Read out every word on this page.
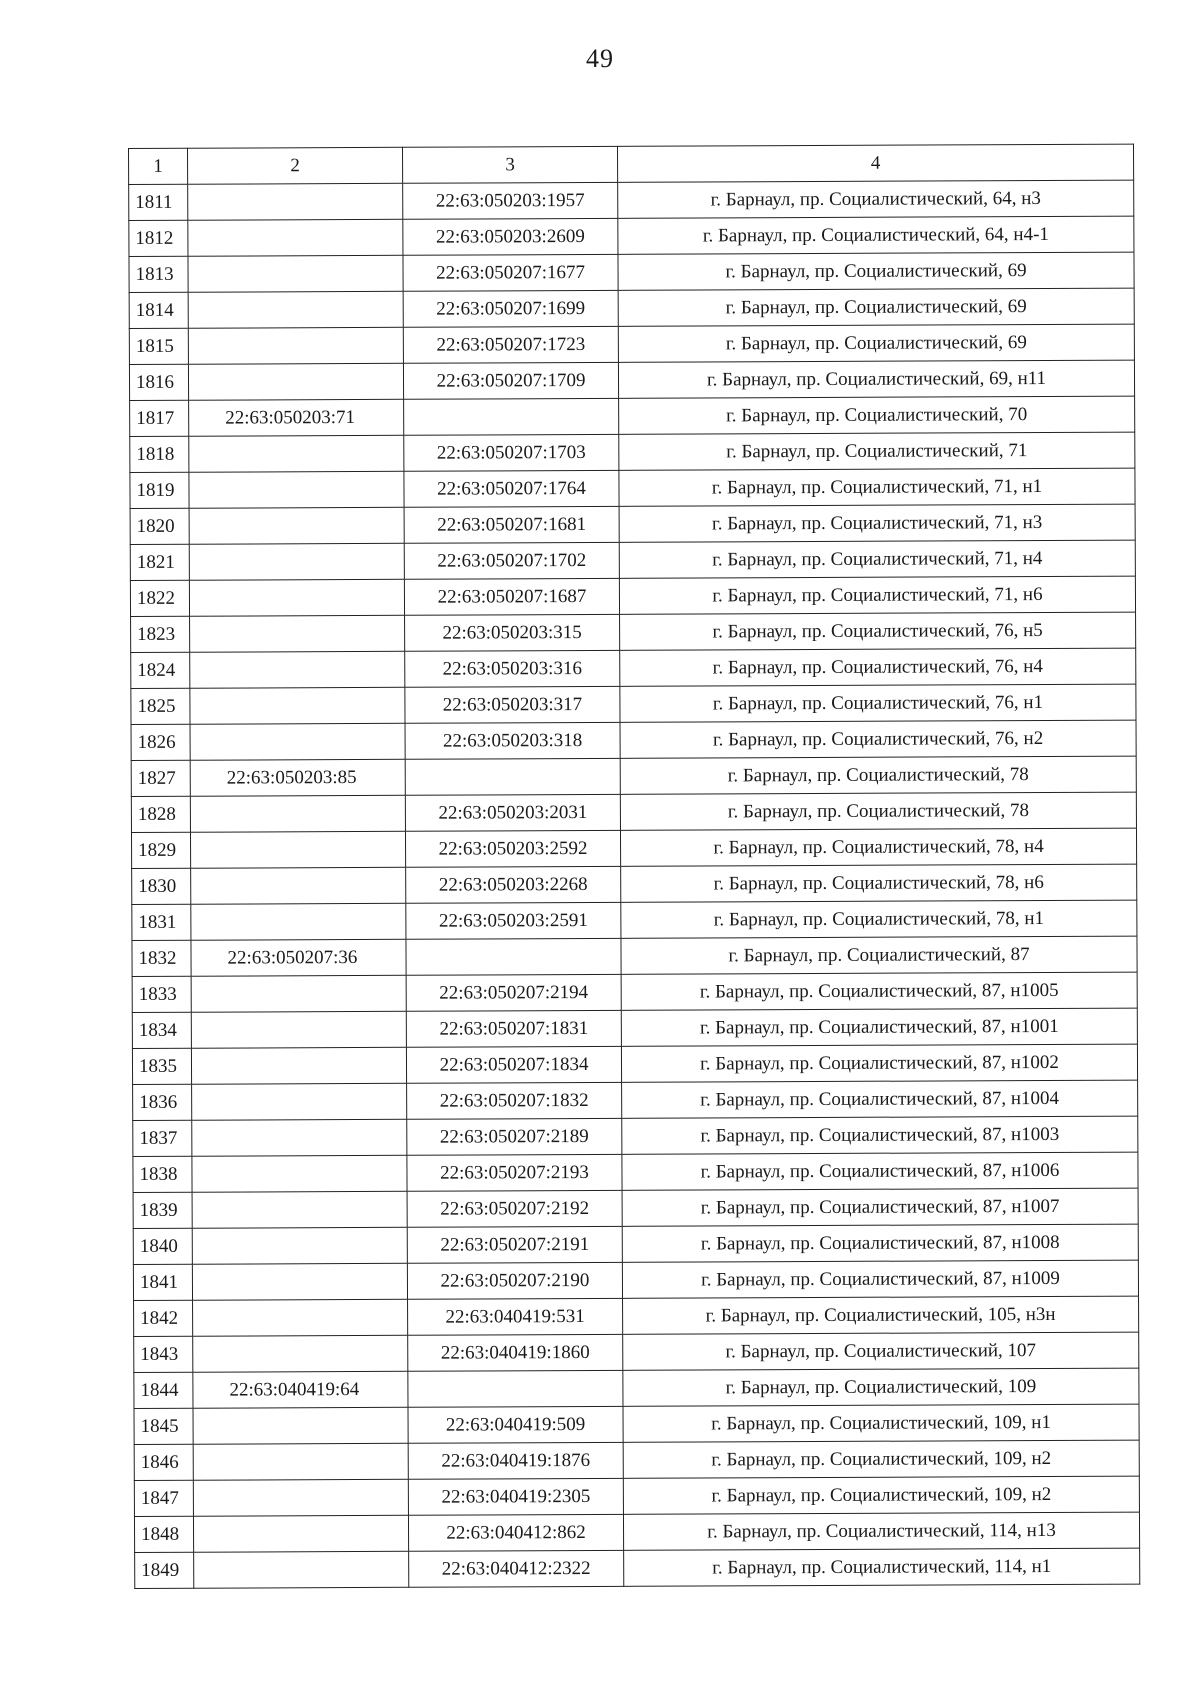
49
1	2	3	4
1811		22:63:050203:1957	г. Барнаул, пр. Социалистический, 64, н3
1812		22:63:050203:2609	г. Барнаул, пр. Социалистический, 64, н4-1
1813		22:63:050207:1677	г. Барнаул, пр. Социалистический, 69
1814		22:63:050207:1699	г. Барнаул, пр. Социалистический, 69
1815		22:63:050207:1723	г. Барнаул, пр. Социалистический, 69
1816		22:63:050207:1709	г. Барнаул, пр. Социалистический, 69, н11
1817	22:63:050203:71		г. Барнаул, пр. Социалистический, 70
1818		22:63:050207:1703	г. Барнаул, пр. Социалистический, 71
1819		22:63:050207:1764	г. Барнаул, пр. Социалистический, 71, н1
1820		22:63:050207:1681	г. Барнаул, пр. Социалистический, 71, н3
1821		22:63:050207:1702	г. Барнаул, пр. Социалистический, 71, н4
1822		22:63:050207:1687	г. Барнаул, пр. Социалистический, 71, н6
1823		22:63:050203:315	г. Барнаул, пр. Социалистический, 76, н5
1824		22:63:050203:316	г. Барнаул, пр. Социалистический, 76, н4
1825		22:63:050203:317	г. Барнаул, пр. Социалистический, 76, н1
1826		22:63:050203:318	г. Барнаул, пр. Социалистический, 76, н2
1827	22:63:050203:85		г. Барнаул, пр. Социалистический, 78
1828		22:63:050203:2031	г. Барнаул, пр. Социалистический, 78
1829		22:63:050203:2592	г. Барнаул, пр. Социалистический, 78, н4
1830		22:63:050203:2268	г. Барнаул, пр. Социалистический, 78, н6
1831		22:63:050203:2591	г. Барнаул, пр. Социалистический, 78, н1
1832	22:63:050207:36		г. Барнаул, пр. Социалистический, 87
1833		22:63:050207:2194	г. Барнаул, пр. Социалистический, 87, н1005
1834		22:63:050207:1831	г. Барнаул, пр. Социалистический, 87, н1001
1835		22:63:050207:1834	г. Барнаул, пр. Социалистический, 87, н1002
1836		22:63:050207:1832	г. Барнаул, пр. Социалистический, 87, н1004
1837		22:63:050207:2189	г. Барнаул, пр. Социалистический, 87, н1003
1838		22:63:050207:2193	г. Барнаул, пр. Социалистический, 87, н1006
1839		22:63:050207:2192	г. Барнаул, пр. Социалистический, 87, н1007
1840		22:63:050207:2191	г. Барнаул, пр. Социалистический, 87, н1008
1841		22:63:050207:2190	г. Барнаул, пр. Социалистический, 87, н1009
1842		22:63:040419:531	г. Барнаул, пр. Социалистический, 105, н3н
1843		22:63:040419:1860	г. Барнаул, пр. Социалистический, 107
1844	22:63:040419:64		г. Барнаул, пр. Социалистический, 109
1845		22:63:040419:509	г. Барнаул, пр. Социалистический, 109, н1
1846		22:63:040419:1876	г. Барнаул, пр. Социалистический, 109, н2
1847		22:63:040419:2305	г. Барнаул, пр. Социалистический, 109, н2
1848		22:63:040412:862	г. Барнаул, пр. Социалистический, 114, н13
1849		22:63:040412:2322	г. Барнаул, пр. Социалистический, 114, н1
